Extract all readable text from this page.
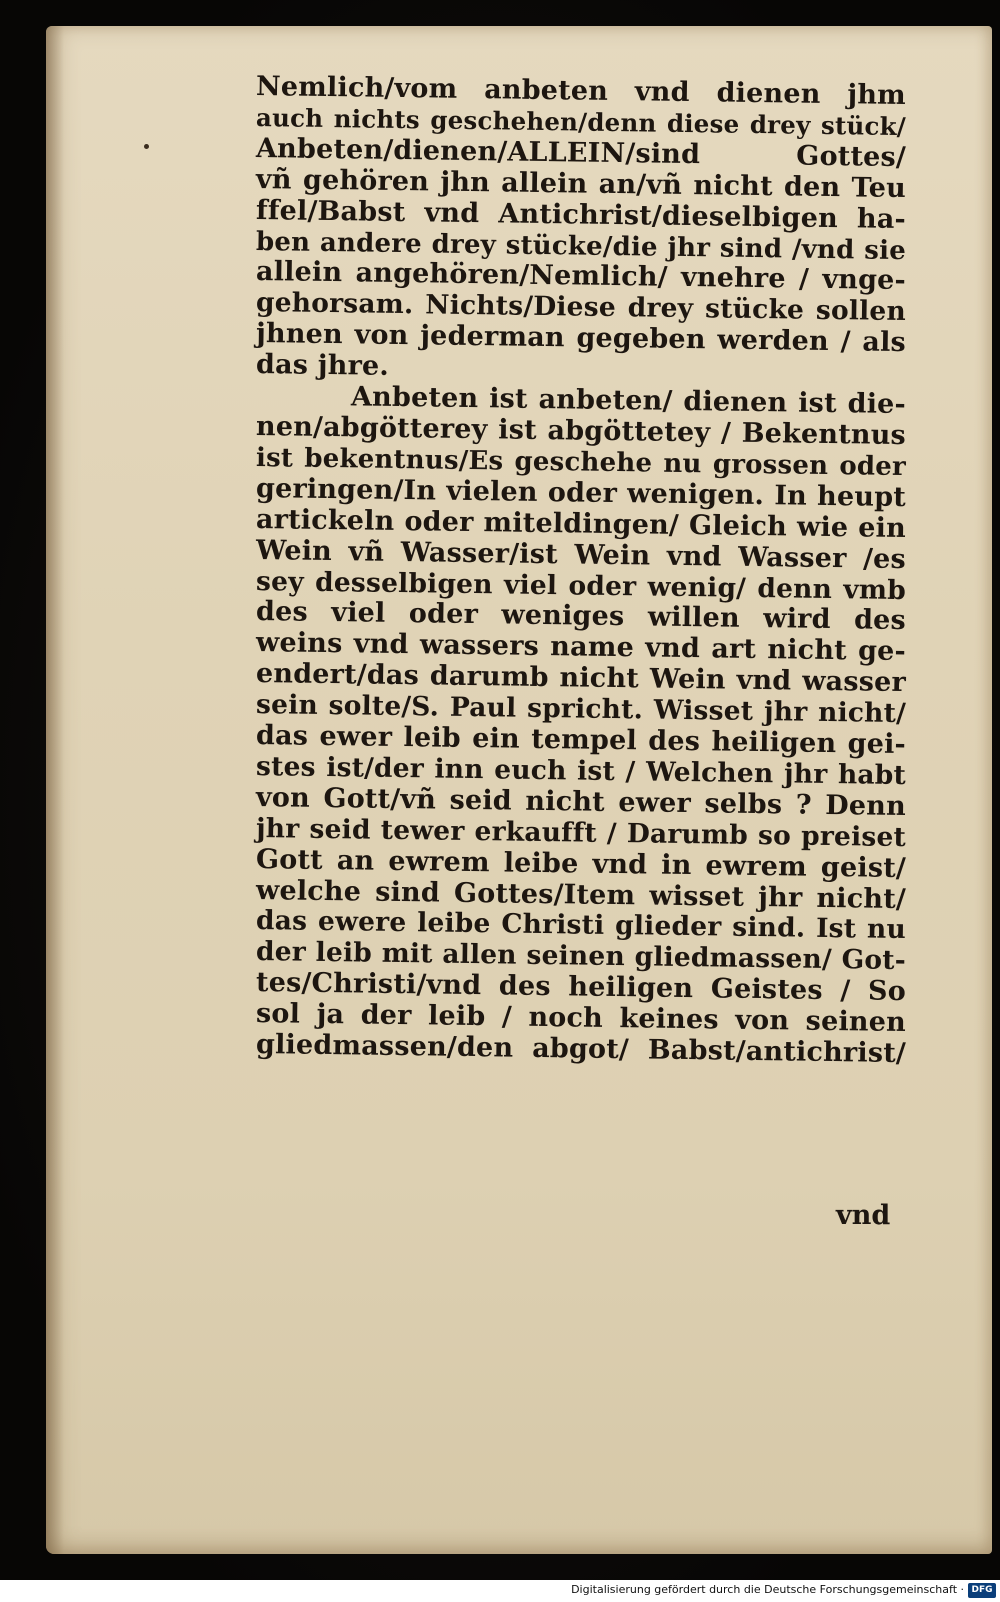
Nemlich/vom anbeten vnd dienen jhm
auch nichts geschehen/denn diese drey stück/
Anbeten/dienen/ALLEIN/sind Gottes/
vñ gehören jhn allein an/vñ nicht den Teu
ffel/Babst vnd Antichrist/dieselbigen ha-
ben andere drey stücke/die jhr sind /vnd sie
allein angehören/Nemlich/ vnehre / vnge-
gehorsam. Nichts/Diese drey stücke sollen
jhnen von jederman gegeben werden / als
das jhre.
Anbeten ist anbeten/ dienen ist die-
nen/abgötterey ist abgöttetey / Bekentnus
ist bekentnus/Es geschehe nu grossen oder
geringen/In vielen oder wenigen. In heupt
artickeln oder miteldingen/ Gleich wie ein
Wein vñ Wasser/ist Wein vnd Wasser /es
sey desselbigen viel oder wenig/ denn vmb
des viel oder weniges willen wird des
weins vnd wassers name vnd art nicht ge-
endert/das darumb nicht Wein vnd wasser
sein solte/S. Paul spricht. Wisset jhr nicht/
das ewer leib ein tempel des heiligen gei-
stes ist/der inn euch ist / Welchen jhr habt
von Gott/vñ seid nicht ewer selbs ? Denn
jhr seid tewer erkaufft / Darumb so preiset
Gott an ewrem leibe vnd in ewrem geist/
welche sind Gottes/Item wisset jhr nicht/
das ewere leibe Christi glieder sind. Ist nu
der leib mit allen seinen gliedmassen/ Got-
tes/Christi/vnd des heiligen Geistes / So
sol ja der leib / noch keines von seinen
gliedmassen/den abgot/ Babst/antichrist/
vnd
Digitalisierung gefördert durch die Deutsche Forschungsgemeinschaft · DFG
